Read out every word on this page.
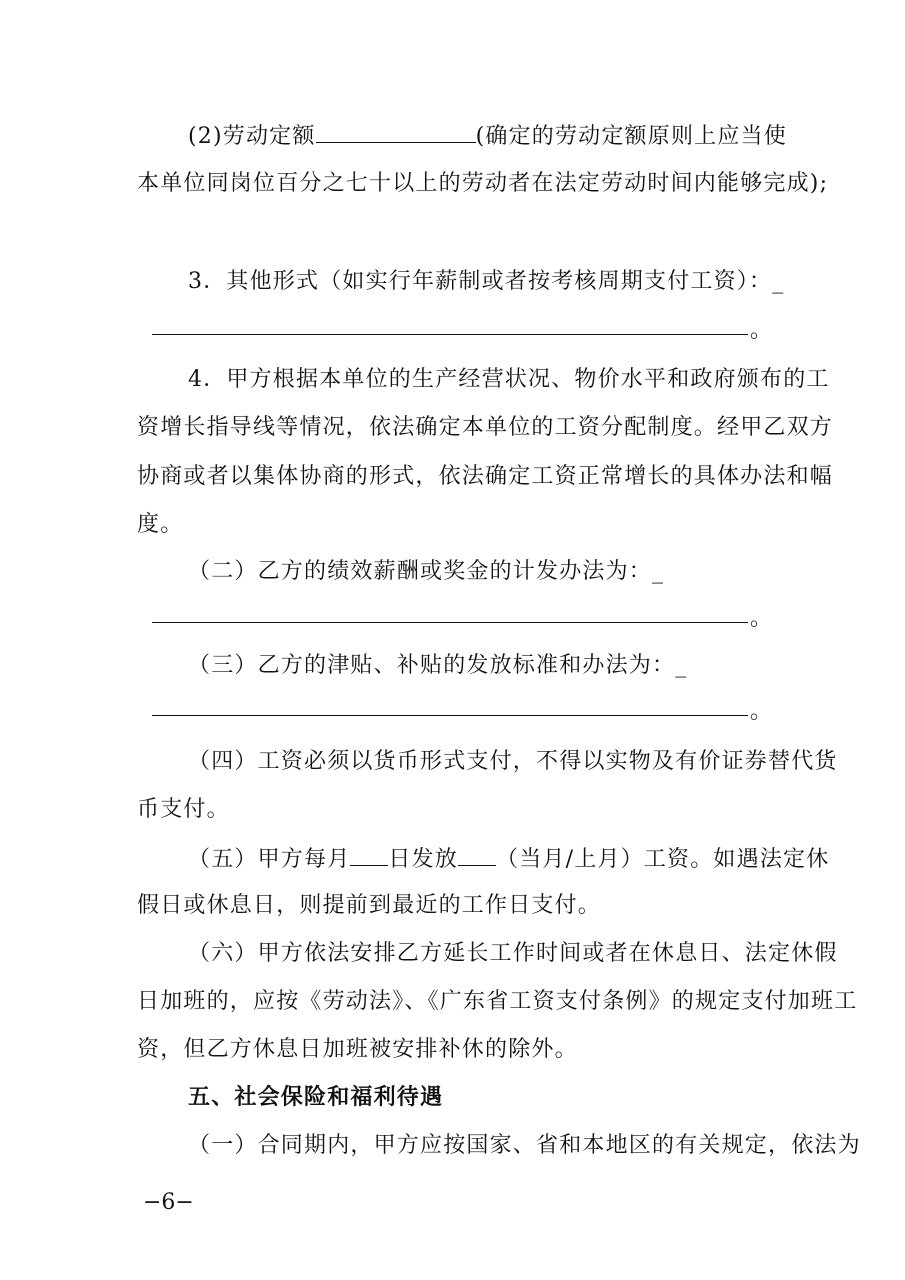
(2)劳动定额	(确定的劳动定额原则上应当使
本单位同岗位百分之七十以上的劳动者在法定劳动时间内能够完成);
3．其他形式（如实行年薪制或者按考核周期支付工资）：_
。
4．甲方根据本单位的生产经营状况、物价水平和政府颁布的工
资增长指导线等情况，依法确定本单位的工资分配制度。经甲乙双方
协商或者以集体协商的形式，依法确定工资正常增长的具体办法和幅
度。
（二）乙方的绩效薪酬或奖金的计发办法为：_
。
（三）乙方的津贴、补贴的发放标准和办法为：_
。
（四）工资必须以货币形式支付，不得以实物及有价证券替代货
币支付。
（五）甲方每月 日发放 （当月/上月）工资。如遇法定休
假日或休息日，则提前到最近的工作日支付。
（六）甲方依法安排乙方延长工作时间或者在休息日、法定休假
日加班的，应按《劳动法》、《广东省工资支付条例》的规定支付加班工
资，但乙方休息日加班被安排补休的除外。
五、社会保险和福利待遇
（一）合同期内，甲方应按国家、省和本地区的有关规定，依法为
−6−
